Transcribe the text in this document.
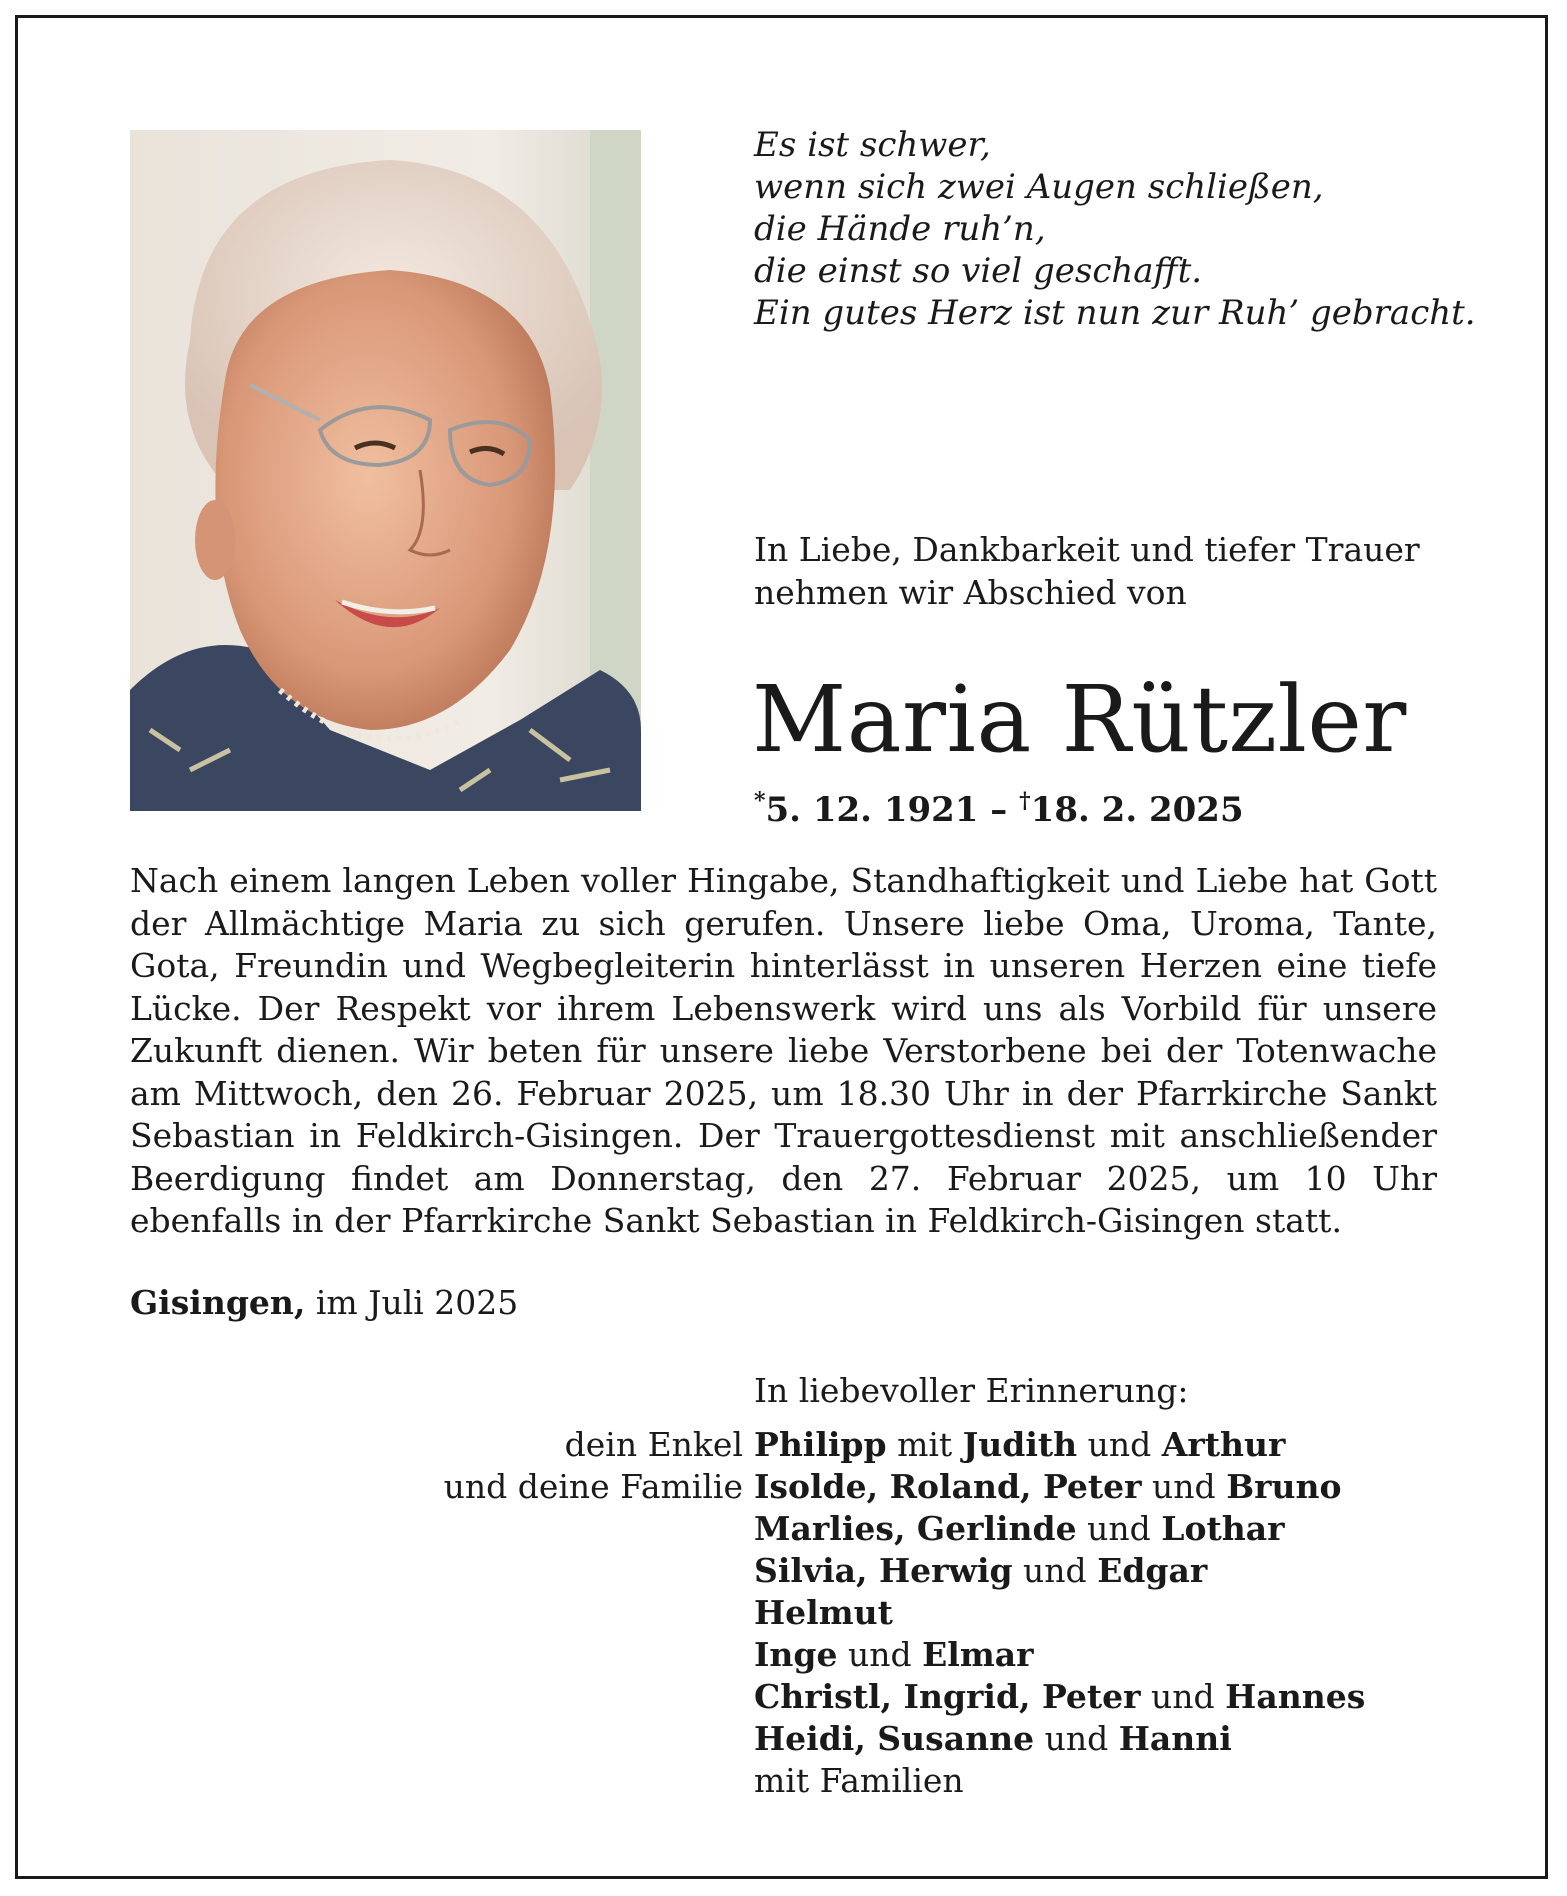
Es ist schwer,
wenn sich zwei Augen schließen,
die Hände ruh’n,
die einst so viel geschafft.
Ein gutes Herz ist nun zur Ruh’ gebracht.
In Liebe, Dankbarkeit und tiefer Trauer
nehmen wir Abschied von
Maria Rützler
*5. 12. 1921 – †18. 2. 2025

Nach einem langen Leben voller Hingabe, Standhaftigkeit und Liebe hat Gott der Allmächtige Maria zu sich gerufen. Unsere liebe Oma, Uroma, Tante, Gota, Freundin und Wegbegleiterin hinterlässt in unseren Herzen eine tiefe Lücke. Der Respekt vor ihrem Lebenswerk wird uns als Vorbild für unsere Zukunft dienen. Wir beten für unsere liebe Verstorbene bei der Totenwache am Mittwoch, den 26. Februar 2025, um 18.30 Uhr in der Pfarrkirche Sankt Sebastian in Feldkirch-Gisingen. Der Trauergottesdienst mit anschließender Beerdigung findet am Donnerstag, den 27. Februar 2025, um 10 Uhr ebenfalls in der Pfarrkirche Sankt Sebastian in Feldkirch-Gisingen statt.

Gisingen, im Juli 2025
In liebevoller Erinnerung:
dein Enkel
und deine Familie
Philipp mit Judith und Arthur
Isolde, Roland, Peter und Bruno
Marlies, Gerlinde und Lothar
Silvia, Herwig und Edgar
Helmut
Inge und Elmar
Christl, Ingrid, Peter und Hannes
Heidi, Susanne und Hanni
mit Familien
